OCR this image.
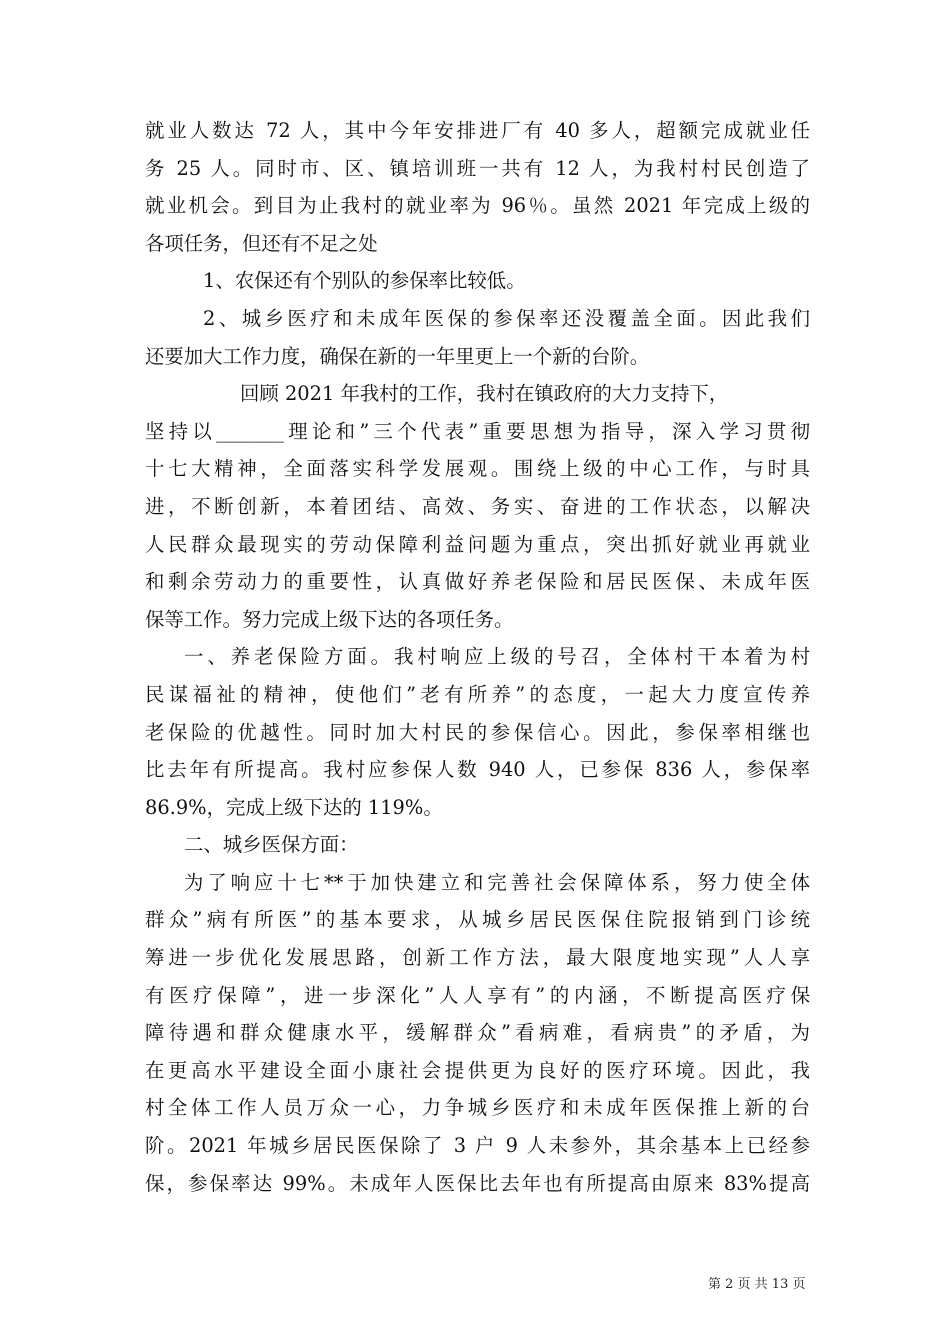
就业人数达 72 人，其中今年安排进厂有 40 多人，超额完成就业任
务 25 人。同时市、区、镇培训班一共有 12 人，为我村村民创造了
就业机会。到目为止我村的就业率为 96％。虽然 2021 年完成上级的
各项任务，但还有不足之处
1、农保还有个别队的参保率比较低。
2、城乡医疗和未成年医保的参保率还没覆盖全面。因此我们
还要加大工作力度，确保在新的一年里更上一个新的台阶。
回顾 2021 年我村的工作，我村在镇政府的大力支持下，
坚持以_______理论和”三个代表”重要思想为指导，深入学习贯彻
十七大精神，全面落实科学发展观。围绕上级的中心工作，与时具
进，不断创新，本着团结、高效、务实、奋进的工作状态，以解决
人民群众最现实的劳动保障利益问题为重点，突出抓好就业再就业
和剩余劳动力的重要性，认真做好养老保险和居民医保、未成年医
保等工作。努力完成上级下达的各项任务。
一、养老保险方面。我村响应上级的号召，全体村干本着为村
民谋福祉的精神，使他们”老有所养”的态度，一起大力度宣传养
老保险的优越性。同时加大村民的参保信心。因此，参保率相继也
比去年有所提高。我村应参保人数 940 人，已参保 836 人，参保率
86.9%，完成上级下达的 119%。
二、城乡医保方面：
为了响应十七**于加快建立和完善社会保障体系，努力使全体
群众”病有所医”的基本要求，从城乡居民医保住院报销到门诊统
筹进一步优化发展思路，创新工作方法，最大限度地实现”人人享
有医疗保障”，进一步深化”人人享有”的内涵，不断提高医疗保
障待遇和群众健康水平，缓解群众”看病难，看病贵”的矛盾，为
在更高水平建设全面小康社会提供更为良好的医疗环境。因此，我
村全体工作人员万众一心，力争城乡医疗和未成年医保推上新的台
阶。2021 年城乡居民医保除了 3 户 9 人未参外，其余基本上已经参
保，参保率达 99%。未成年人医保比去年也有所提高由原来 83%提高
第 2 页 共 13 页
